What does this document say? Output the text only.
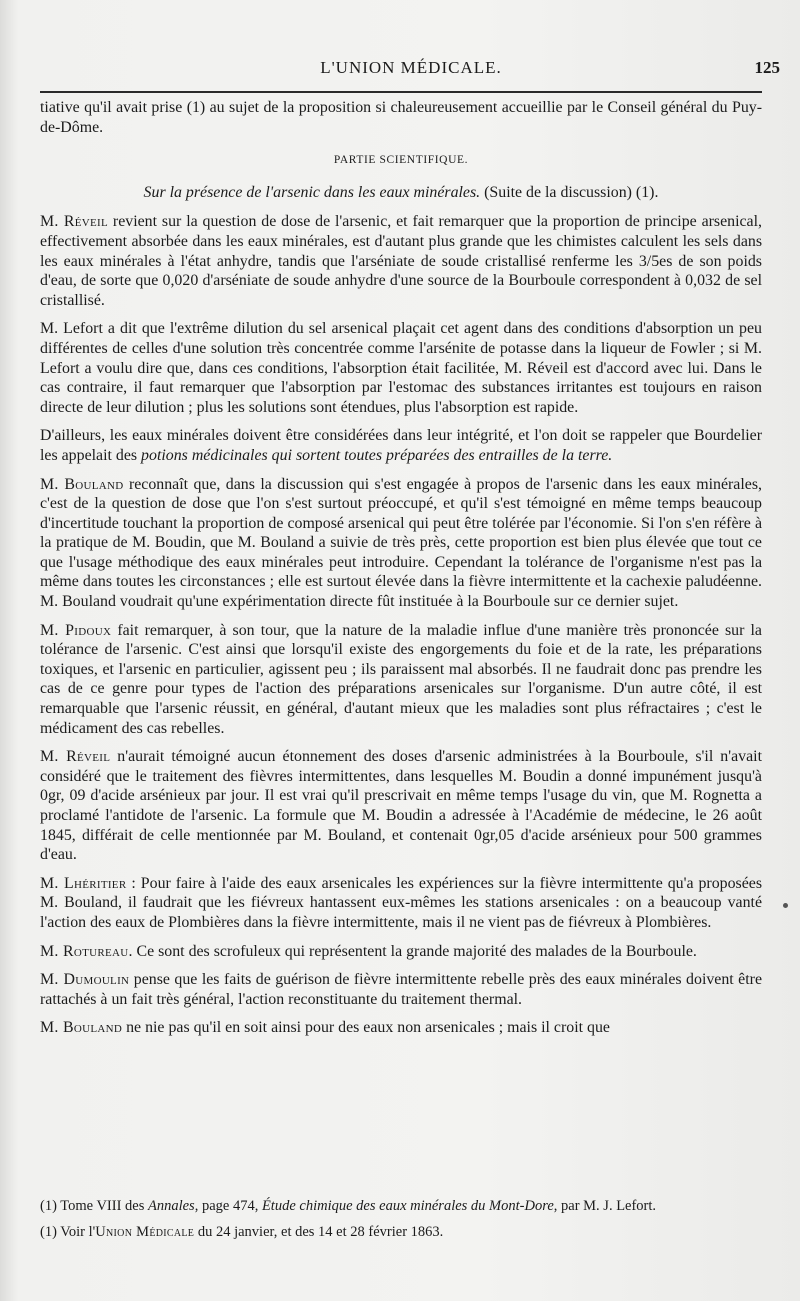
L'UNION MÉDICALE.	125

tiative qu'il avait prise (1) au sujet de la proposition si chaleureusement accueillie par le Conseil général du Puy-de-Dôme.

PARTIE SCIENTIFIQUE.
Sur la présence de l'arsenic dans les eaux minérales. (Suite de la discussion) (1).

M. Réveil revient sur la question de dose de l'arsenic, et fait remarquer que la proportion de principe arsenical, effectivement absorbée dans les eaux minérales, est d'autant plus grande que les chimistes calculent les sels dans les eaux minérales à l'état anhydre, tandis que l'arséniate de soude cristallisé renferme les 3/5es de son poids d'eau, de sorte que 0,020 d'arséniate de soude anhydre d'une source de la Bourboule correspondent à 0,032 de sel cristallisé.

M. Lefort a dit que l'extrême dilution du sel arsenical plaçait cet agent dans des conditions d'absorption un peu différentes de celles d'une solution très concentrée comme l'arsénite de potasse dans la liqueur de Fowler ; si M. Lefort a voulu dire que, dans ces conditions, l'absorption était facilitée, M. Réveil est d'accord avec lui. Dans le cas contraire, il faut remarquer que l'absorption par l'estomac des substances irritantes est toujours en raison directe de leur dilution ; plus les solutions sont étendues, plus l'absorption est rapide.

D'ailleurs, les eaux minérales doivent être considérées dans leur intégrité, et l'on doit se rappeler que Bourdelier les appelait des potions médicinales qui sortent toutes préparées des entrailles de la terre.

M. Bouland reconnaît que, dans la discussion qui s'est engagée à propos de l'arsenic dans les eaux minérales, c'est de la question de dose que l'on s'est surtout préoccupé, et qu'il s'est témoigné en même temps beaucoup d'incertitude touchant la proportion de composé arsenical qui peut être tolérée par l'économie. Si l'on s'en réfère à la pratique de M. Boudin, que M. Bouland a suivie de très près, cette proportion est bien plus élevée que tout ce que l'usage méthodique des eaux minérales peut introduire. Cependant la tolérance de l'organisme n'est pas la même dans toutes les circonstances ; elle est surtout élevée dans la fièvre intermittente et la cachexie paludéenne. M. Bouland voudrait qu'une expérimentation directe fût instituée à la Bourboule sur ce dernier sujet.

M. Pidoux fait remarquer, à son tour, que la nature de la maladie influe d'une manière très prononcée sur la tolérance de l'arsenic. C'est ainsi que lorsqu'il existe des engorgements du foie et de la rate, les préparations toxiques, et l'arsenic en particulier, agissent peu ; ils paraissent mal absorbés. Il ne faudrait donc pas prendre les cas de ce genre pour types de l'action des préparations arsenicales sur l'organisme. D'un autre côté, il est remarquable que l'arsenic réussit, en général, d'autant mieux que les maladies sont plus réfractaires ; c'est le médicament des cas rebelles.

M. Réveil n'aurait témoigné aucun étonnement des doses d'arsenic administrées à la Bourboule, s'il n'avait considéré que le traitement des fièvres intermittentes, dans lesquelles M. Boudin a donné impunément jusqu'à 0gr, 09 d'acide arsénieux par jour. Il est vrai qu'il prescrivait en même temps l'usage du vin, que M. Rognetta a proclamé l'antidote de l'arsenic. La formule que M. Boudin a adressée à l'Académie de médecine, le 26 août 1845, différait de celle mentionnée par M. Bouland, et contenait 0gr,05 d'acide arsénieux pour 500 grammes d'eau.

M. Lhéritier : Pour faire à l'aide des eaux arsenicales les expériences sur la fièvre intermittente qu'a proposées M. Bouland, il faudrait que les fiévreux hantassent eux-mêmes les stations arsenicales : on a beaucoup vanté l'action des eaux de Plombières dans la fièvre intermittente, mais il ne vient pas de fiévreux à Plombières.

M. Rotureau. Ce sont des scrofuleux qui représentent la grande majorité des malades de la Bourboule.

M. Dumoulin pense que les faits de guérison de fièvre intermittente rebelle près des eaux minérales doivent être rattachés à un fait très général, l'action reconstituante du traitement thermal.

M. Bouland ne nie pas qu'il en soit ainsi pour des eaux non arsenicales ; mais il croit que

(1) Tome VIII des Annales, page 474, Étude chimique des eaux minérales du Mont-Dore, par M. J. Lefort.

(1) Voir l'Union Médicale du 24 janvier, et des 14 et 28 février 1863.
